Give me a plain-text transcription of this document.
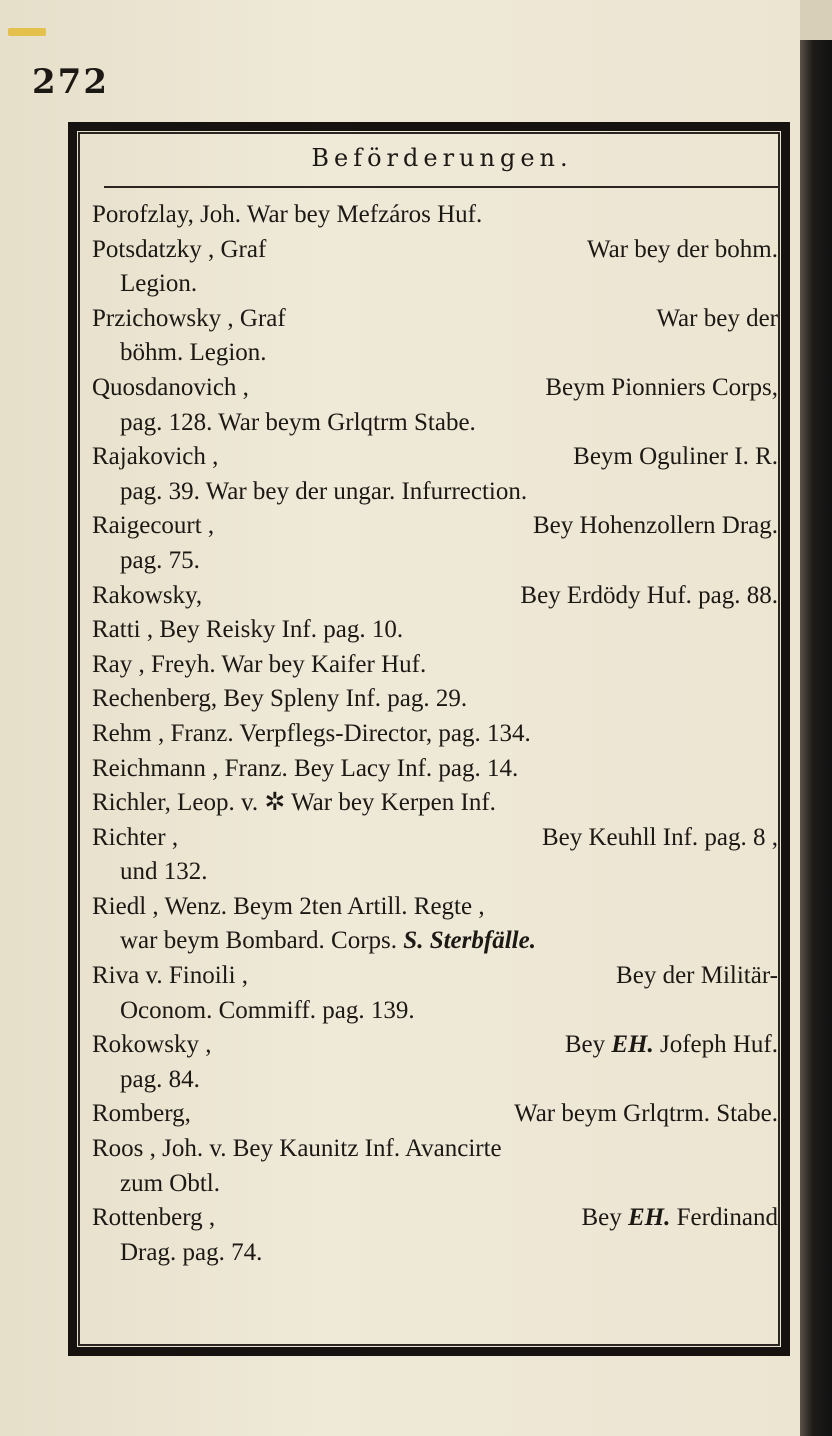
272
Beförderungen.
Porofzlay, Joh. War bey Mefzáros Huf.
Potsdatzky , Graf	War bey der bohm.
Legion.
Przichowsky , Graf	War bey der
böhm. Legion.
Quosdanovich ,	Beym Pionniers Corps,
pag. 128. War beym Grlqtrm Stabe.
Rajakovich ,	Beym Oguliner I. R.
pag. 39. War bey der ungar. Infurrection.
Raigecourt ,	Bey Hohenzollern Drag.
pag. 75.
Rakowsky,	Bey Erdödy Huf. pag. 88.
Ratti , Bey Reisky Inf. pag. 10.
Ray , Freyh. War bey Kaifer Huf.
Rechenberg, Bey Spleny Inf. pag. 29.
Rehm , Franz. Verpflegs-Director, pag. 134.
Reichmann , Franz. Bey Lacy Inf. pag. 14.
Richler, Leop. v. ✲ War bey Kerpen Inf.
Richter ,	Bey Keuhll Inf. pag. 8 ,
und 132.
Riedl , Wenz. Beym 2ten Artill. Regte ,
war beym Bombard. Corps. S. Sterbfälle.
Riva v. Finoili ,	Bey der Militär-
Oconom. Commiff. pag. 139.
Rokowsky ,	Bey EH. Jofeph Huf.
pag. 84.
Romberg,	War beym Grlqtrm. Stabe.
Roos , Joh. v. Bey Kaunitz Inf. Avancirte
zum Obtl.
Rottenberg ,	Bey EH. Ferdinand
Drag. pag. 74.
